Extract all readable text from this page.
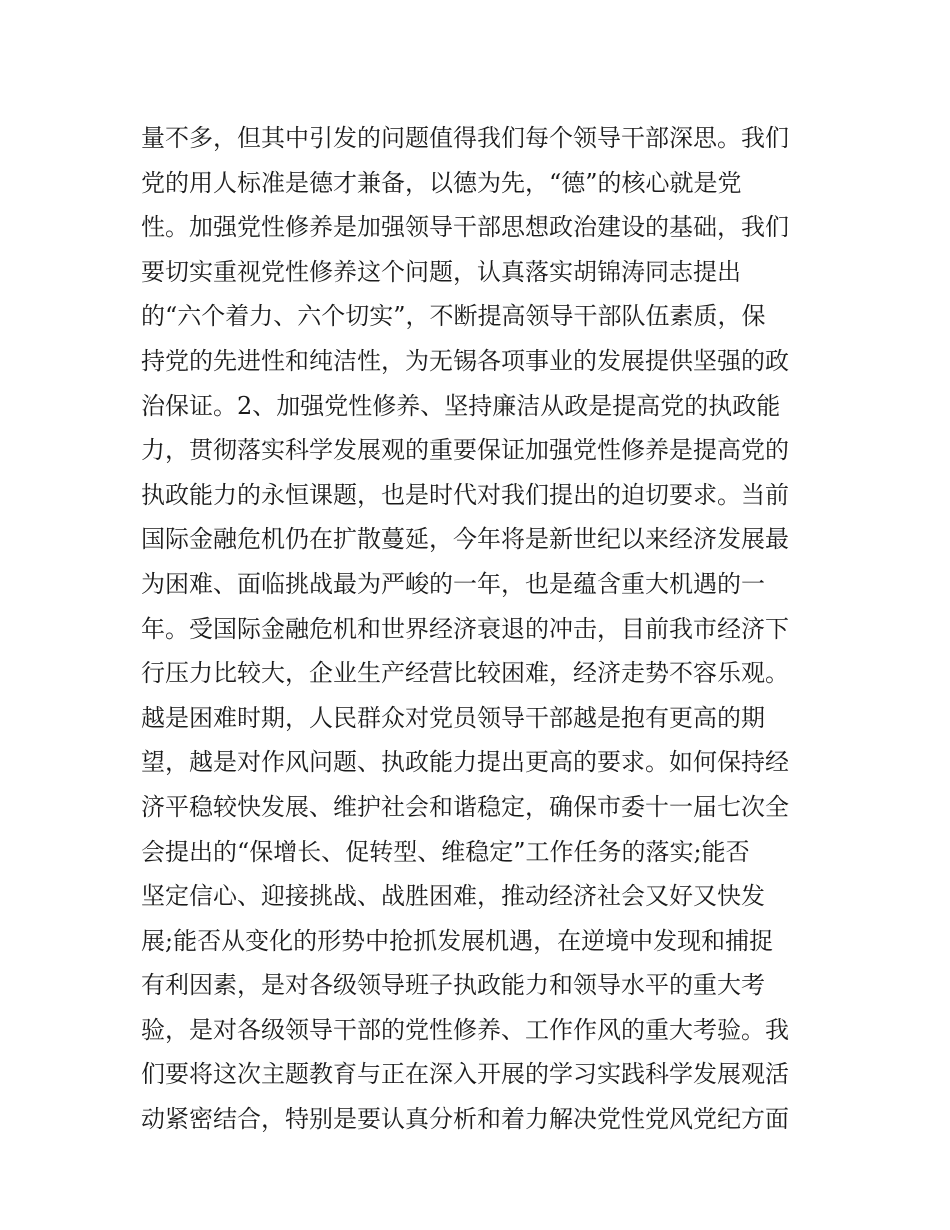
量不多，但其中引发的问题值得我们每个领导干部深思。我们
党的用人标准是德才兼备，以德为先，“德”的核心就是党
性。加强党性修养是加强领导干部思想政治建设的基础，我们
要切实重视党性修养这个问题，认真落实胡锦涛同志提出
的“六个着力、六个切实”，不断提高领导干部队伍素质，保
持党的先进性和纯洁性，为无锡各项事业的发展提供坚强的政
治保证。2、加强党性修养、坚持廉洁从政是提高党的执政能
力，贯彻落实科学发展观的重要保证加强党性修养是提高党的
执政能力的永恒课题，也是时代对我们提出的迫切要求。当前
国际金融危机仍在扩散蔓延，今年将是新世纪以来经济发展最
为困难、面临挑战最为严峻的一年，也是蕴含重大机遇的一
年。受国际金融危机和世界经济衰退的冲击，目前我市经济下
行压力比较大，企业生产经营比较困难，经济走势不容乐观。
越是困难时期，人民群众对党员领导干部越是抱有更高的期
望，越是对作风问题、执政能力提出更高的要求。如何保持经
济平稳较快发展、维护社会和谐稳定，确保市委十一届七次全
会提出的“保增长、促转型、维稳定”工作任务的落实;能否
坚定信心、迎接挑战、战胜困难，推动经济社会又好又快发
展;能否从变化的形势中抢抓发展机遇，在逆境中发现和捕捉
有利因素，是对各级领导班子执政能力和领导水平的重大考
验，是对各级领导干部的党性修养、工作作风的重大考验。我
们要将这次主题教育与正在深入开展的学习实践科学发展观活
动紧密结合，特别是要认真分析和着力解决党性党风党纪方面
